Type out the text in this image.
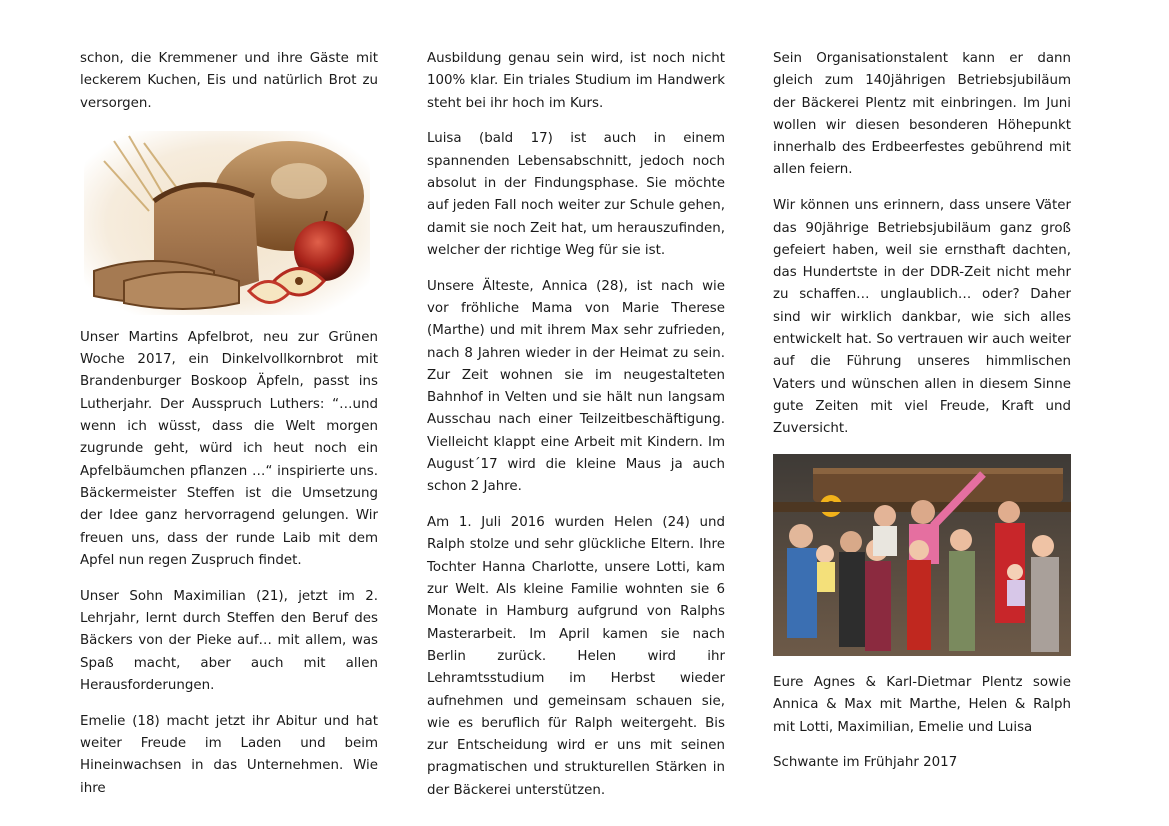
schon, die Kremmener und ihre Gäste mit leckerem Kuchen, Eis und natürlich Brot zu versorgen.

Unser Martins Apfelbrot, neu zur Grünen Woche 2017, ein Dinkelvollkornbrot mit Brandenburger Boskoop Äpfeln, passt ins Lutherjahr. Der Ausspruch Luthers: “…und wenn ich wüsst, dass die Welt morgen zugrunde geht, würd ich heut noch ein Apfelbäumchen pflanzen …“ inspirierte uns. Bäckermeister Steffen ist die Umsetzung der Idee ganz hervorragend gelungen. Wir freuen uns, dass der runde Laib mit dem Apfel nun regen Zuspruch findet.

Unser Sohn Maximilian (21), jetzt im 2. Lehrjahr, lernt durch Steffen den Beruf des Bäckers von der Pieke auf… mit allem, was Spaß macht, aber auch mit allen Herausforderungen.

Emelie (18) macht jetzt ihr Abitur und hat weiter Freude im Laden und beim Hineinwachsen in das Unternehmen. Wie ihre

Ausbildung genau sein wird, ist noch nicht 100% klar. Ein triales Studium im Handwerk steht bei ihr hoch im Kurs.

Luisa (bald 17) ist auch in einem spannenden Lebensabschnitt, jedoch noch absolut in der Findungsphase. Sie möchte auf jeden Fall noch weiter zur Schule gehen, damit sie noch Zeit hat, um herauszufinden, welcher der richtige Weg für sie ist.

Unsere Älteste, Annica (28), ist nach wie vor fröhliche Mama von Marie Therese (Marthe) und mit ihrem Max sehr zufrieden, nach 8 Jahren wieder in der Heimat zu sein. Zur Zeit wohnen sie im neugestalteten Bahnhof in Velten und sie hält nun langsam Ausschau nach einer Teilzeitbeschäftigung. Vielleicht klappt eine Arbeit mit Kindern. Im August´17 wird die kleine Maus ja auch schon 2 Jahre.

Am 1. Juli 2016 wurden Helen (24) und Ralph stolze und sehr glückliche Eltern. Ihre Tochter Hanna Charlotte, unsere Lotti, kam zur Welt. Als kleine Familie wohnten sie 6 Monate in Hamburg aufgrund von Ralphs Masterarbeit. Im April kamen sie nach Berlin zurück. Helen wird ihr Lehramtsstudium im Herbst wieder aufnehmen und gemeinsam schauen sie, wie es beruflich für Ralph weitergeht. Bis zur Entscheidung wird er uns mit seinen pragmatischen und strukturellen Stärken in der Bäckerei unterstützen.

Sein Organisationstalent kann er dann gleich zum 140jährigen Betriebsjubiläum der Bäckerei Plentz mit einbringen. Im Juni wollen wir diesen besonderen Höhepunkt innerhalb des Erdbeerfestes gebührend mit allen feiern.

Wir können uns erinnern, dass unsere Väter das 90jährige Betriebsjubiläum ganz groß gefeiert haben, weil sie ernsthaft dachten, das Hundertste in der DDR-Zeit nicht mehr zu schaffen… unglaublich… oder? Daher sind wir wirklich dankbar, wie sich alles entwickelt hat. So vertrauen wir auch weiter auf die Führung unseres himmlischen Vaters und wünschen allen in diesem Sinne gute Zeiten mit viel Freude, Kraft und Zuversicht.

Eure Agnes & Karl-Dietmar Plentz sowie Annica & Max mit Marthe, Helen & Ralph mit Lotti, Maximilian, Emelie und Luisa

Schwante im Frühjahr 2017
